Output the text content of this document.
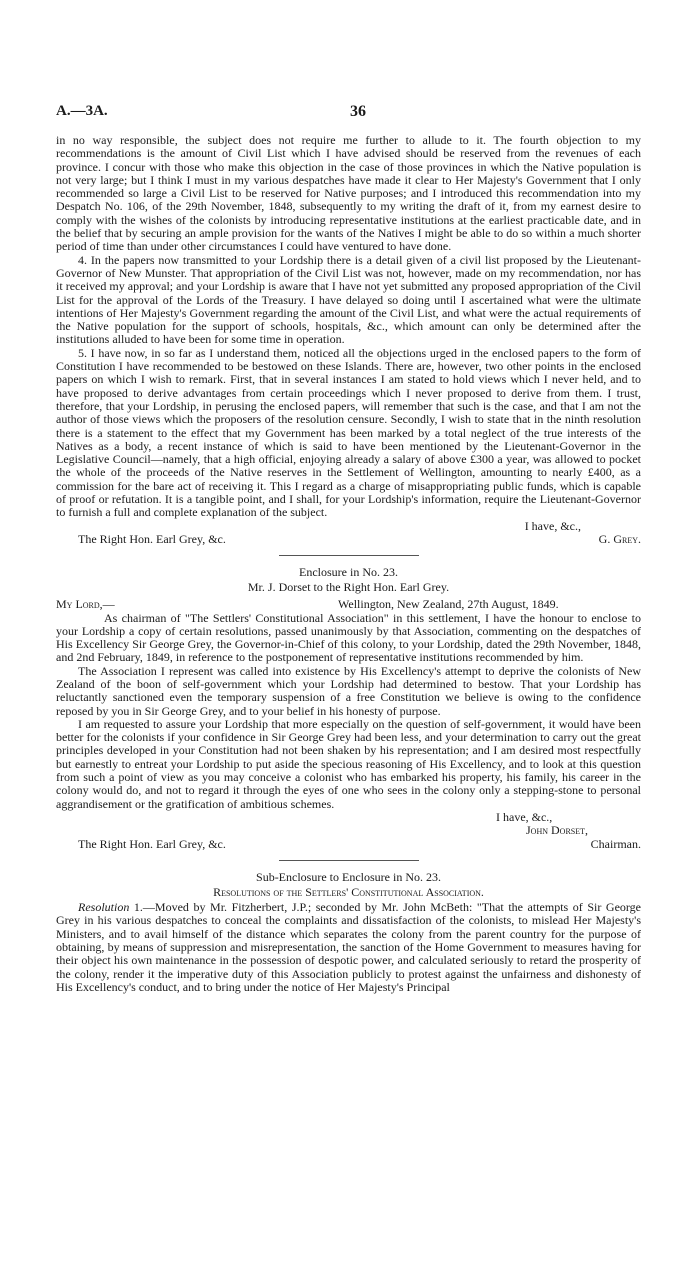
A.—3A.	36

in no way responsible, the subject does not require me further to allude to it. The fourth objection to my recommendations is the amount of Civil List which I have advised should be reserved from the revenues of each province. I concur with those who make this objection in the case of those provinces in which the Native population is not very large; but I think I must in my various despatches have made it clear to Her Majesty's Government that I only recommended so large a Civil List to be reserved for Native purposes; and I introduced this recommendation into my Despatch No. 106, of the 29th November, 1848, subsequently to my writing the draft of it, from my earnest desire to comply with the wishes of the colonists by introducing representative institutions at the earliest practicable date, and in the belief that by securing an ample provision for the wants of the Natives I might be able to do so within a much shorter period of time than under other circumstances I could have ventured to have done.

4. In the papers now transmitted to your Lordship there is a detail given of a civil list proposed by the Lieutenant-Governor of New Munster. That appropriation of the Civil List was not, however, made on my recommendation, nor has it received my approval; and your Lordship is aware that I have not yet submitted any proposed appropriation of the Civil List for the approval of the Lords of the Treasury. I have delayed so doing until I ascertained what were the ultimate intentions of Her Majesty's Government regarding the amount of the Civil List, and what were the actual requirements of the Native population for the support of schools, hospitals, &c., which amount can only be determined after the institutions alluded to have been for some time in operation.

5. I have now, in so far as I understand them, noticed all the objections urged in the enclosed papers to the form of Constitution I have recommended to be bestowed on these Islands. There are, however, two other points in the enclosed papers on which I wish to remark. First, that in several instances I am stated to hold views which I never held, and to have proposed to derive advantages from certain proceedings which I never proposed to derive from them. I trust, therefore, that your Lordship, in perusing the enclosed papers, will remember that such is the case, and that I am not the author of those views which the proposers of the resolution censure. Secondly, I wish to state that in the ninth resolution there is a statement to the effect that my Government has been marked by a total neglect of the true interests of the Natives as a body, a recent instance of which is said to have been mentioned by the Lieutenant-Governor in the Legislative Council—namely, that a high official, enjoying already a salary of above £300 a year, was allowed to pocket the whole of the proceeds of the Native reserves in the Settlement of Wellington, amounting to nearly £400, as a commission for the bare act of receiving it. This I regard as a charge of misappropriating public funds, which is capable of proof or refutation. It is a tangible point, and I shall, for your Lordship's information, require the Lieutenant-Governor to furnish a full and complete explanation of the subject.

I have, &c.,
The Right Hon. Earl Grey, &c.	G. Grey.
Enclosure in No. 23.
Mr. J. Dorset to the Right Hon. Earl Grey.
My Lord,—	Wellington, New Zealand, 27th August, 1849.

As chairman of "The Settlers' Constitutional Association" in this settlement, I have the honour to enclose to your Lordship a copy of certain resolutions, passed unanimously by that Association, commenting on the despatches of His Excellency Sir George Grey, the Governor-in-Chief of this colony, to your Lordship, dated the 29th November, 1848, and 2nd February, 1849, in reference to the postponement of representative institutions recommended by him.

The Association I represent was called into existence by His Excellency's attempt to deprive the colonists of New Zealand of the boon of self-government which your Lordship had determined to bestow. That your Lordship has reluctantly sanctioned even the temporary suspension of a free Constitution we believe is owing to the confidence reposed by you in Sir George Grey, and to your belief in his honesty of purpose.

I am requested to assure your Lordship that more especially on the question of self-government, it would have been better for the colonists if your confidence in Sir George Grey had been less, and your determination to carry out the great principles developed in your Constitution had not been shaken by his representation; and I am desired most respectfully but earnestly to entreat your Lordship to put aside the specious reasoning of His Excellency, and to look at this question from such a point of view as you may conceive a colonist who has embarked his property, his family, his career in the colony would do, and not to regard it through the eyes of one who sees in the colony only a stepping-stone to personal aggrandisement or the gratification of ambitious schemes.

I have, &c.,
John Dorset,
The Right Hon. Earl Grey, &c.	Chairman.
Sub-Enclosure to Enclosure in No. 23.
Resolutions of the Settlers' Constitutional Association.

Resolution 1.—Moved by Mr. Fitzherbert, J.P.; seconded by Mr. John McBeth: "That the attempts of Sir George Grey in his various despatches to conceal the complaints and dissatisfaction of the colonists, to mislead Her Majesty's Ministers, and to avail himself of the distance which separates the colony from the parent country for the purpose of obtaining, by means of suppression and misrepresentation, the sanction of the Home Government to measures having for their object his own maintenance in the possession of despotic power, and calculated seriously to retard the prosperity of the colony, render it the imperative duty of this Association publicly to protest against the unfairness and dishonesty of His Excellency's conduct, and to bring under the notice of Her Majesty's Principal
